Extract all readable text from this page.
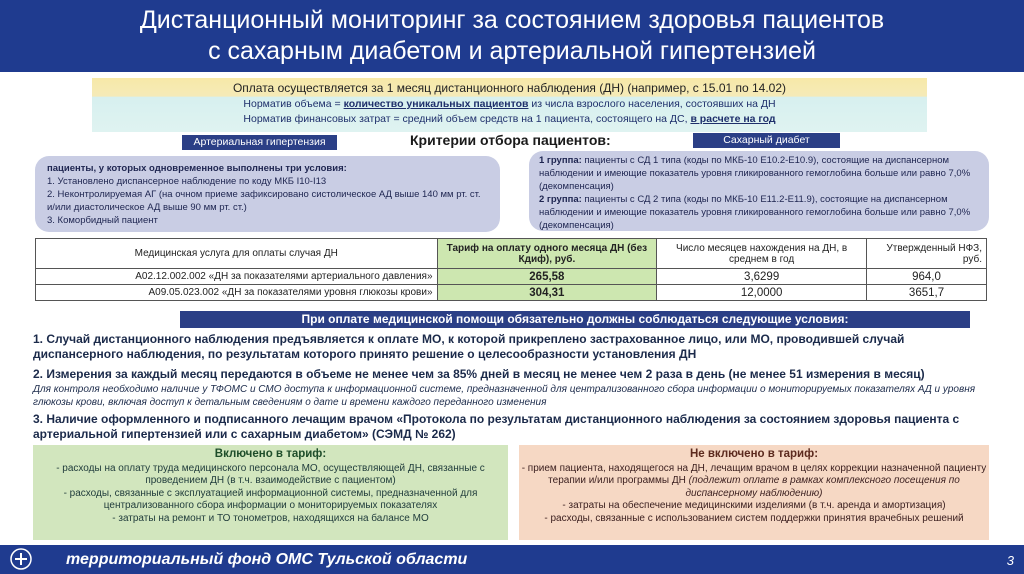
Дистанционный мониторинг за состоянием здоровья пациентов
с сахарным диабетом и артериальной гипертензией
Оплата осуществляется за 1 месяц дистанционного наблюдения (ДН) (например, с 15.01 по 14.02)
Норматив объема = количество уникальных пациентов из числа взрослого населения, состоявших на ДН
Норматив финансовых затрат = средний объем средств на 1 пациента, состоящего на ДС, в расчете на год
Артериальная гипертензия	Критерии отбора пациентов:	Сахарный диабет
пациенты, у которых одновременное выполнены три условия:
1. Установлено диспансерное наблюдение по коду МКБ I10-I13
2. Неконтролируемая АГ (на очном приеме зафиксировано систолическое АД выше 140 мм рт. ст. и/или диастолическое АД выше 90 мм рт. ст.)
3. Коморбидный пациент
1 группа: пациенты с СД 1 типа (коды по МКБ-10 Е10.2-Е10.9), состоящие на диспансерном наблюдении и имеющие показатель уровня гликированного гемоглобина больше или равно 7,0% (декомпенсация)
2 группа: пациенты с СД 2 типа (коды по МКБ-10 Е11.2-Е11.9), состоящие на диспансерном наблюдении и имеющие показатель уровня гликированного гемоглобина больше или равно 7,0% (декомпенсация)
Медицинская услуга для оплаты случая ДН	Тариф на оплату одного месяца ДН (без Кдиф), руб.	Число месяцев нахождения на ДН, в среднем в год	Утвержденный НФЗ, руб.
А02.12.002.002 «ДН за показателями артериального давления»	265,58	3,6299	964,0
А09.05.023.002 «ДН за показателями уровня глюкозы крови»	304,31	12,0000	3651,7
При оплате медицинской помощи обязательно должны соблюдаться следующие условия:
1. Случай дистанционного наблюдения предъявляется к оплате МО, к которой прикреплено застрахованное лицо, или МО, проводившей случай диспансерного наблюдения, по результатам которого принято решение о целесообразности установления ДН
2. Измерения за каждый месяц передаются в объеме не менее чем за 85% дней в месяц не менее чем 2 раза в день (не менее 51 измерения в месяц)
Для контроля необходимо наличие у ТФОМС и СМО доступа к информационной системе, предназначенной для централизованного сбора информации о мониторируемых показателях АД и уровня глюкозы крови, включая доступ к детальным сведениям о дате и времени каждого переданного изменения
3. Наличие оформленного и подписанного лечащим врачом «Протокола по результатам дистанционного наблюдения за состоянием здоровья пациента с артериальной гипертензией или с сахарным диабетом» (СЭМД № 262)
Включено в тариф:
- расходы на оплату труда медицинского персонала МО, осуществляющей ДН, связанные с проведением ДН (в т.ч. взаимодействие с пациентом)
- расходы, связанные с эксплуатацией информационной системы, предназначенной для централизованного сбора информации о мониторируемых показателях
- затраты на ремонт и ТО тонометров, находящихся на балансе МО
Не включено в тариф:
- прием пациента, находящегося на ДН, лечащим врачом в целях коррекции назначенной пациенту терапии и/или программы ДН (подлежит оплате в рамках комплексного посещения по диспансерному наблюдению)
- затраты на обеспечение медицинскими изделиями (в т.ч. аренда и амортизация)
- расходы, связанные с использованием систем поддержки принятия врачебных решений
территориальный фонд ОМС Тульской области	3
